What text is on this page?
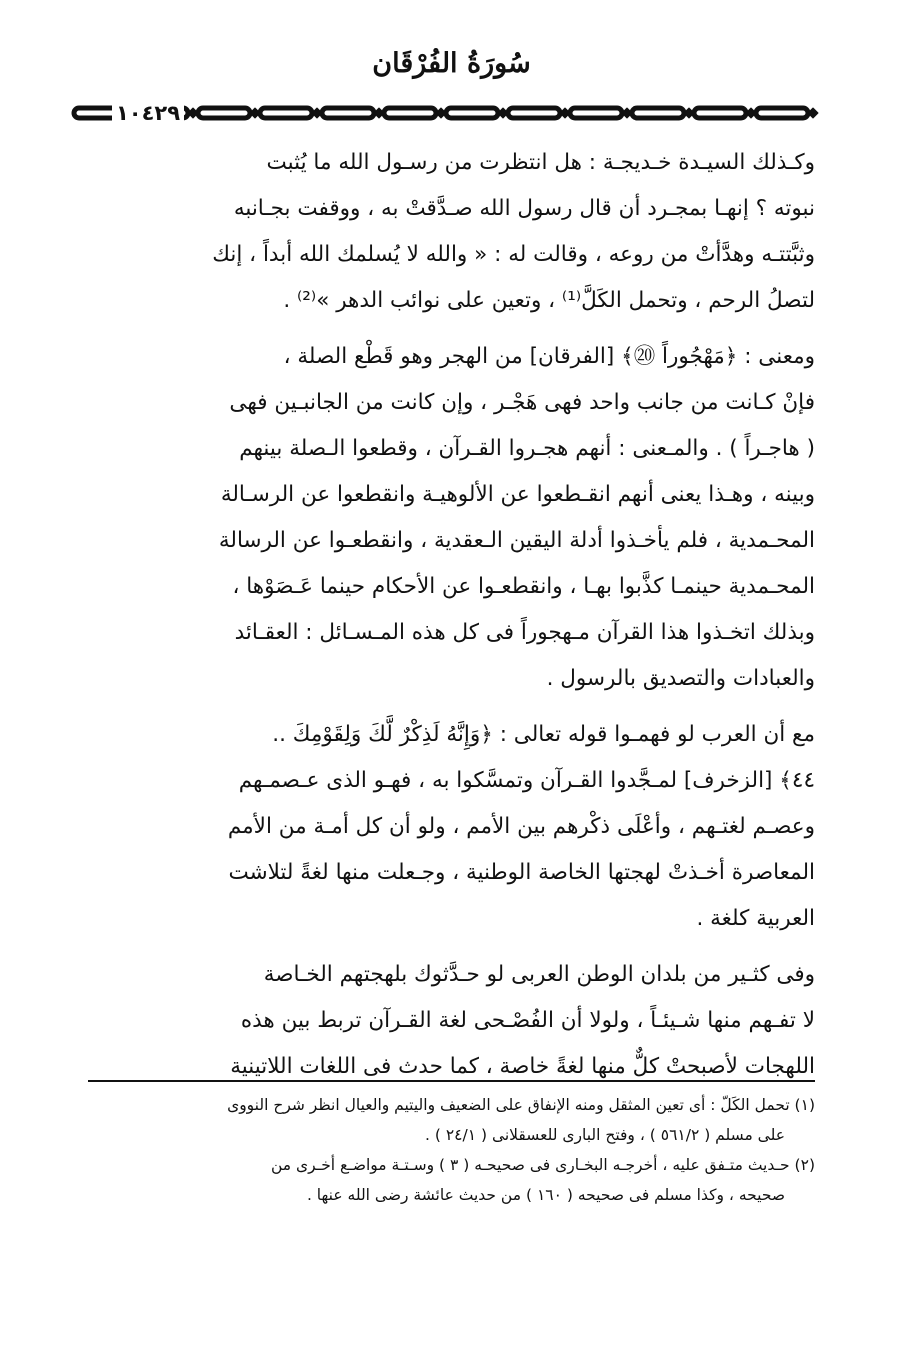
سُورَةُ الفُرْقَان
١٠٤٢٩

وكـذلك السيـدة خـديجـة : هل انتظرت من رسـول الله ما يُثبت
نبوته ؟ إنهـا بمجـرد أن قال رسول الله صـدَّقتْ به ، ووقفت بجـانبه
وثبَّتتـه وهدَّأتْ من روعه ، وقالت له : « والله لا يُسلمك الله أبداً ، إنك
لتصلُ الرحم ، وتحمل الكَلَّ⁽¹⁾ ، وتعين على نوائب الدهر »⁽²⁾ .

ومعنى : ﴿مَهْجُوراً ⑳﴾ [الفرقان] من الهجر وهو قَطْع الصلة ،
فإنْ كـانت من جانب واحد فهى هَجْـر ، وإن كانت من الجانبـين فهى
( هاجـراً ) . والمـعنى : أنهم هجـروا القـرآن ، وقطعوا الـصلة بينهم
وبينه ، وهـذا يعنى أنهم انقـطعوا عن الألوهيـة وانقطعوا عن الرسـالة
المحـمدية ، فلم يأخـذوا أدلة اليقين الـعقدية ، وانقطعـوا عن الرسالة
المحـمدية حينمـا كذَّبوا بهـا ، وانقطعـوا عن الأحكام حينما عَـصَوْها ،
وبذلك اتخـذوا هذا القرآن مـهجوراً فى كل هذه المـسـائل : العقـائد
والعبادات والتصديق بالرسول .

مع أن العرب لو فهمـوا قوله تعالى : ﴿وَإِنَّهُ لَذِكْرٌ لَّكَ وَلِقَوْمِكَ ..
٤٤﴾ [الزخرف] لمـجَّدوا القـرآن وتمسَّكوا به ، فهـو الذى عـصمـهم
وعصـم لغتـهم ، وأعْلَى ذكْرهم بين الأمم ، ولو أن كل أمـة من الأمم
المعاصرة أخـذتْ لهجتها الخاصة الوطنية ، وجـعلت منها لغةً لتلاشت
العربية كلغة .

وفى كثـير من بلدان الوطن العربى لو حـدَّثوك بلهجتهم الخـاصة
لا تفـهم منها شـيئـاً ، ولولا أن الفُصْـحى لغة القـرآن تربط بين هذه
اللهجات لأصبحتْ كلٌّ منها لغةً خاصة ، كما حدث فى اللغات اللاتينية

(١) تحمل الكَلّ : أى تعين المثقل ومنه الإنفاق على الضعيف واليتيم والعيال انظر شرح النووى
على مسلم ( ٥٦١/٢ ) ، وفتح البارى للعسقلانى ( ٢٤/١ ) .

(٢) حـديث متـفق عليه ، أخرجـه البخـارى فى صحيحـه ( ٣ ) وسـتـة مواضـع أخـرى من
صحيحه ، وكذا مسلم فى صحيحه ( ١٦٠ ) من حديث عائشة رضى الله عنها .
